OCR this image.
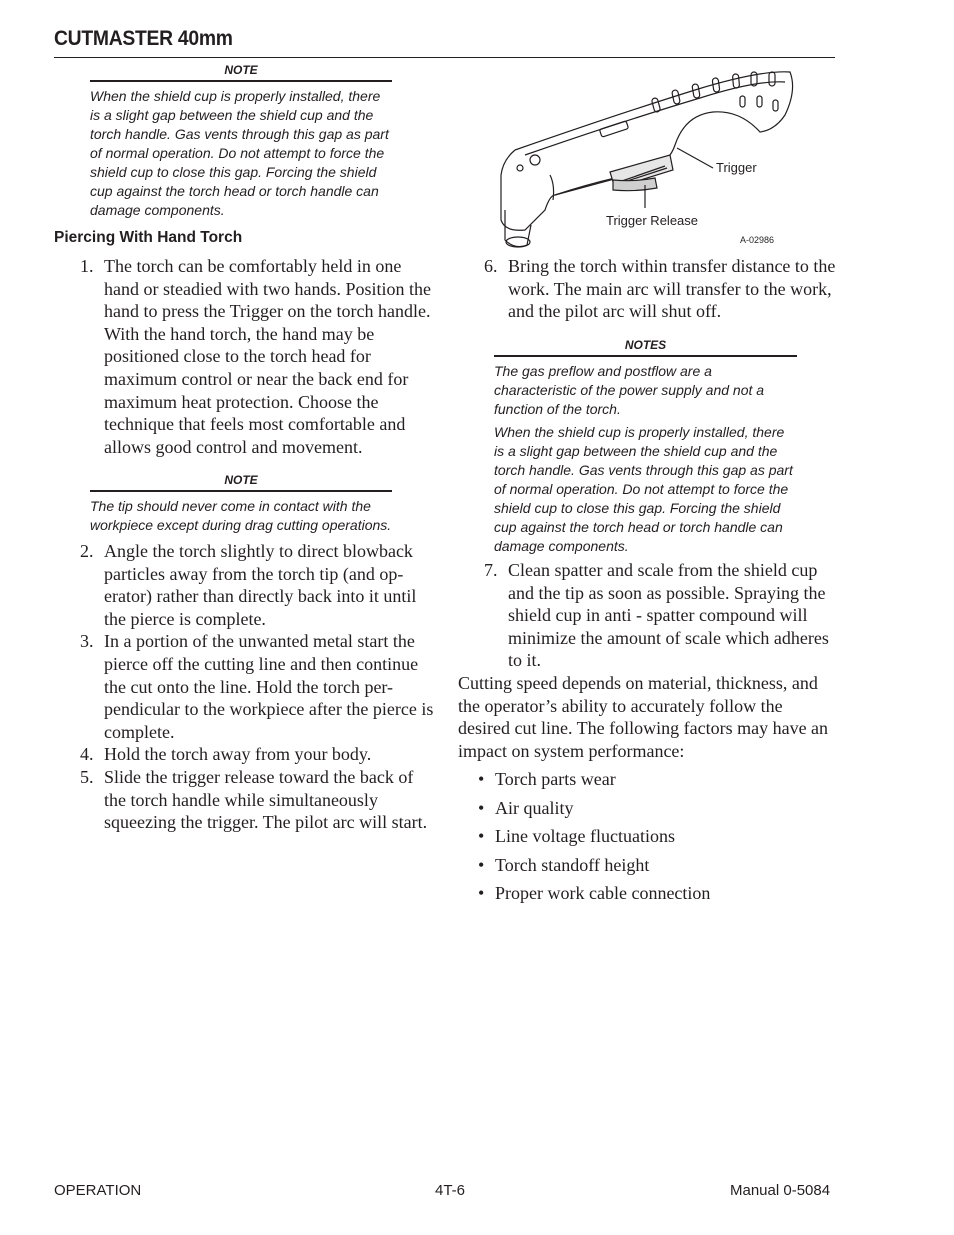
CUTMASTER 40mm
NOTE
When the shield cup is properly installed, there is a slight gap between the shield cup and the torch handle. Gas vents through this gap as part of normal operation. Do not attempt to force the shield cup to close this gap. Forcing the shield cup against the torch head or torch handle can damage components.
Piercing With Hand Torch
1. The torch can be comfortably held in one hand or steadied with two hands. Position the hand to press the Trigger on the torch handle. With the hand torch, the hand may be positioned close to the torch head for maximum control or near the back end for maximum heat protection. Choose the technique that feels most comfortable and allows good control and movement.
NOTE
The tip should never come in contact with the workpiece except during drag cutting operations.
2. Angle the torch slightly to direct blowback particles away from the torch tip (and op-erator) rather than directly back into it until the pierce is complete.
3. In a portion of the unwanted metal start the pierce off the cutting line and then continue the cut onto the line. Hold the torch per-pendicular to the workpiece after the pierce is complete.
4. Hold the torch away from your body.
5. Slide the trigger release toward the back of the torch handle while simultaneously squeezing the trigger. The pilot arc will start.
Trigger
Trigger Release
A-02986
6. Bring the torch within transfer distance to the work. The main arc will transfer to the work, and the pilot arc will shut off.
NOTES

The gas preflow and postflow are a characteristic of the power supply and not a function of the torch.

When the shield cup is properly installed, there is a slight gap between the shield cup and the torch handle. Gas vents through this gap as part of normal operation. Do not attempt to force the shield cup to close this gap. Forcing the shield cup against the torch head or torch handle can damage components.

7. Clean spatter and scale from the shield cup and the tip as soon as possible. Spraying the shield cup in anti - spatter compound will minimize the amount of scale which adheres to it.
Cutting speed depends on material, thickness, and the operator’s ability to accurately follow the desired cut line. The following factors may have an impact on system performance:
• Torch parts wear
• Air quality
• Line voltage fluctuations
• Torch standoff height
• Proper work cable connection
OPERATION	4T-6	Manual 0-5084
